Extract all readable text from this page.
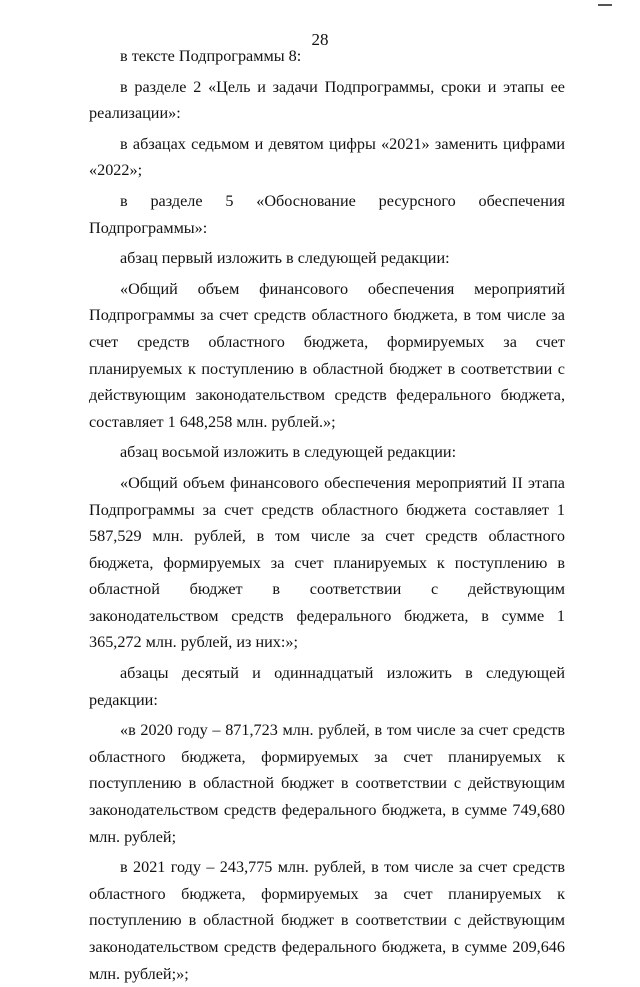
28

в тексте Подпрограммы 8:

в разделе 2 «Цель и задачи Подпрограммы, сроки и этапы ее реализации»:

в абзацах седьмом и девятом цифры «2021» заменить цифрами «2022»;

в разделе 5 «Обоснование ресурсного обеспечения Подпрограммы»:

абзац первый изложить в следующей редакции:

«Общий объем финансового обеспечения мероприятий Подпрограммы за счет средств областного бюджета, в том числе за счет средств областного бюджета, формируемых за счет планируемых к поступлению в областной бюджет в соответствии с действующим законодательством средств федерального бюджета, составляет 1 648,258 млн. рублей.»;

абзац восьмой изложить в следующей редакции:

«Общий объем финансового обеспечения мероприятий II этапа Подпрограммы за счет средств областного бюджета составляет 1 587,529 млн. рублей, в том числе за счет средств областного бюджета, формируемых за счет планируемых к поступлению в областной бюджет в соответствии с действующим законодательством средств федерального бюджета, в сумме 1 365,272 млн. рублей, из них:»;

абзацы десятый и одиннадцатый изложить в следующей редакции:

«в 2020 году – 871,723 млн. рублей, в том числе за счет средств областного бюджета, формируемых за счет планируемых к поступлению в областной бюджет в соответствии с действующим законодательством средств федерального бюджета, в сумме 749,680 млн. рублей;

в 2021 году – 243,775 млн. рублей, в том числе за счет средств областного бюджета, формируемых за счет планируемых к поступлению в областной бюджет в соответствии с действующим законодательством средств федерального бюджета, в сумме 209,646 млн. рублей;»;
